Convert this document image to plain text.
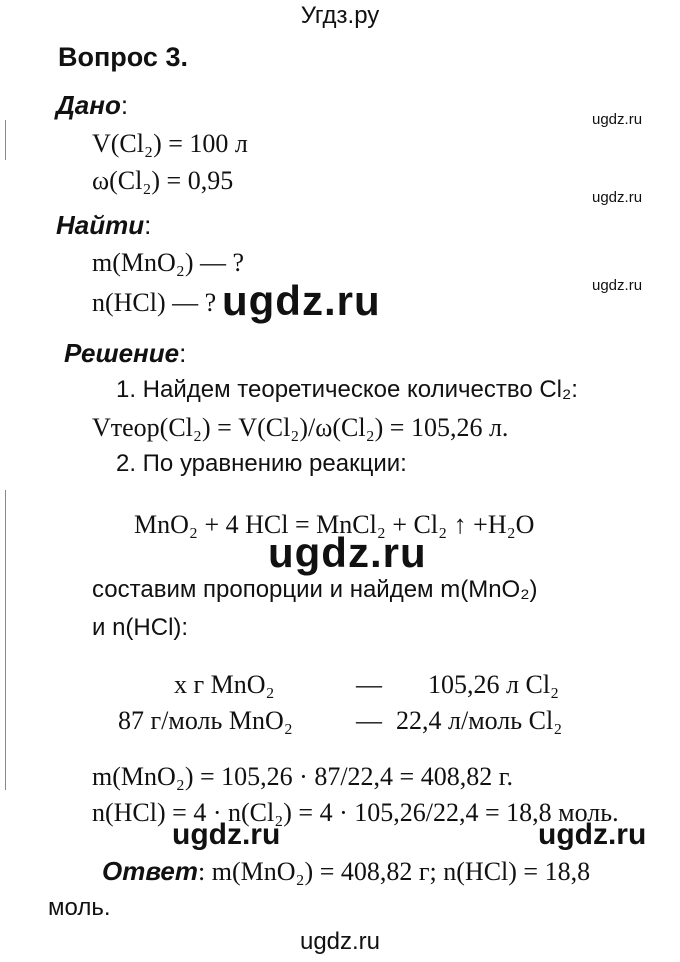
Угдз.ру
Вопрос 3.
Дано:
V(Cl₂) = 100 л
ω(Cl₂) = 0,95
Найти:
m(MnO₂) — ?
n(HCl) — ?
Решение:
1. Найдем теоретическое количество Cl₂:
Vтеор(Cl₂) = V(Cl₂)/ω(Cl₂) = 105,26 л.
2. По уравнению реакции:
MnO₂ + 4 HCl = MnCl₂ + Cl₂ ↑ +H₂O
составим пропорции и найдем m(MnO₂)
и n(HCl):
x г MnO₂	— 105,26 л Cl₂
87 г/моль MnO₂ — 22,4 л/моль Cl₂
m(MnO₂) = 105,26 · 87/22,4 = 408,82 г.
n(HCl) = 4 · n(Cl₂) = 4 · 105,26/22,4 = 18,8 моль.
Ответ: m(MnO₂) = 408,82 г; n(HCl) = 18,8
моль.
ugdz.ru
ugdz.ru
ugdz.ru
ugdz.ru
ugdz.ru
ugdz.ru	ugdz.ru
ugdz.ru
